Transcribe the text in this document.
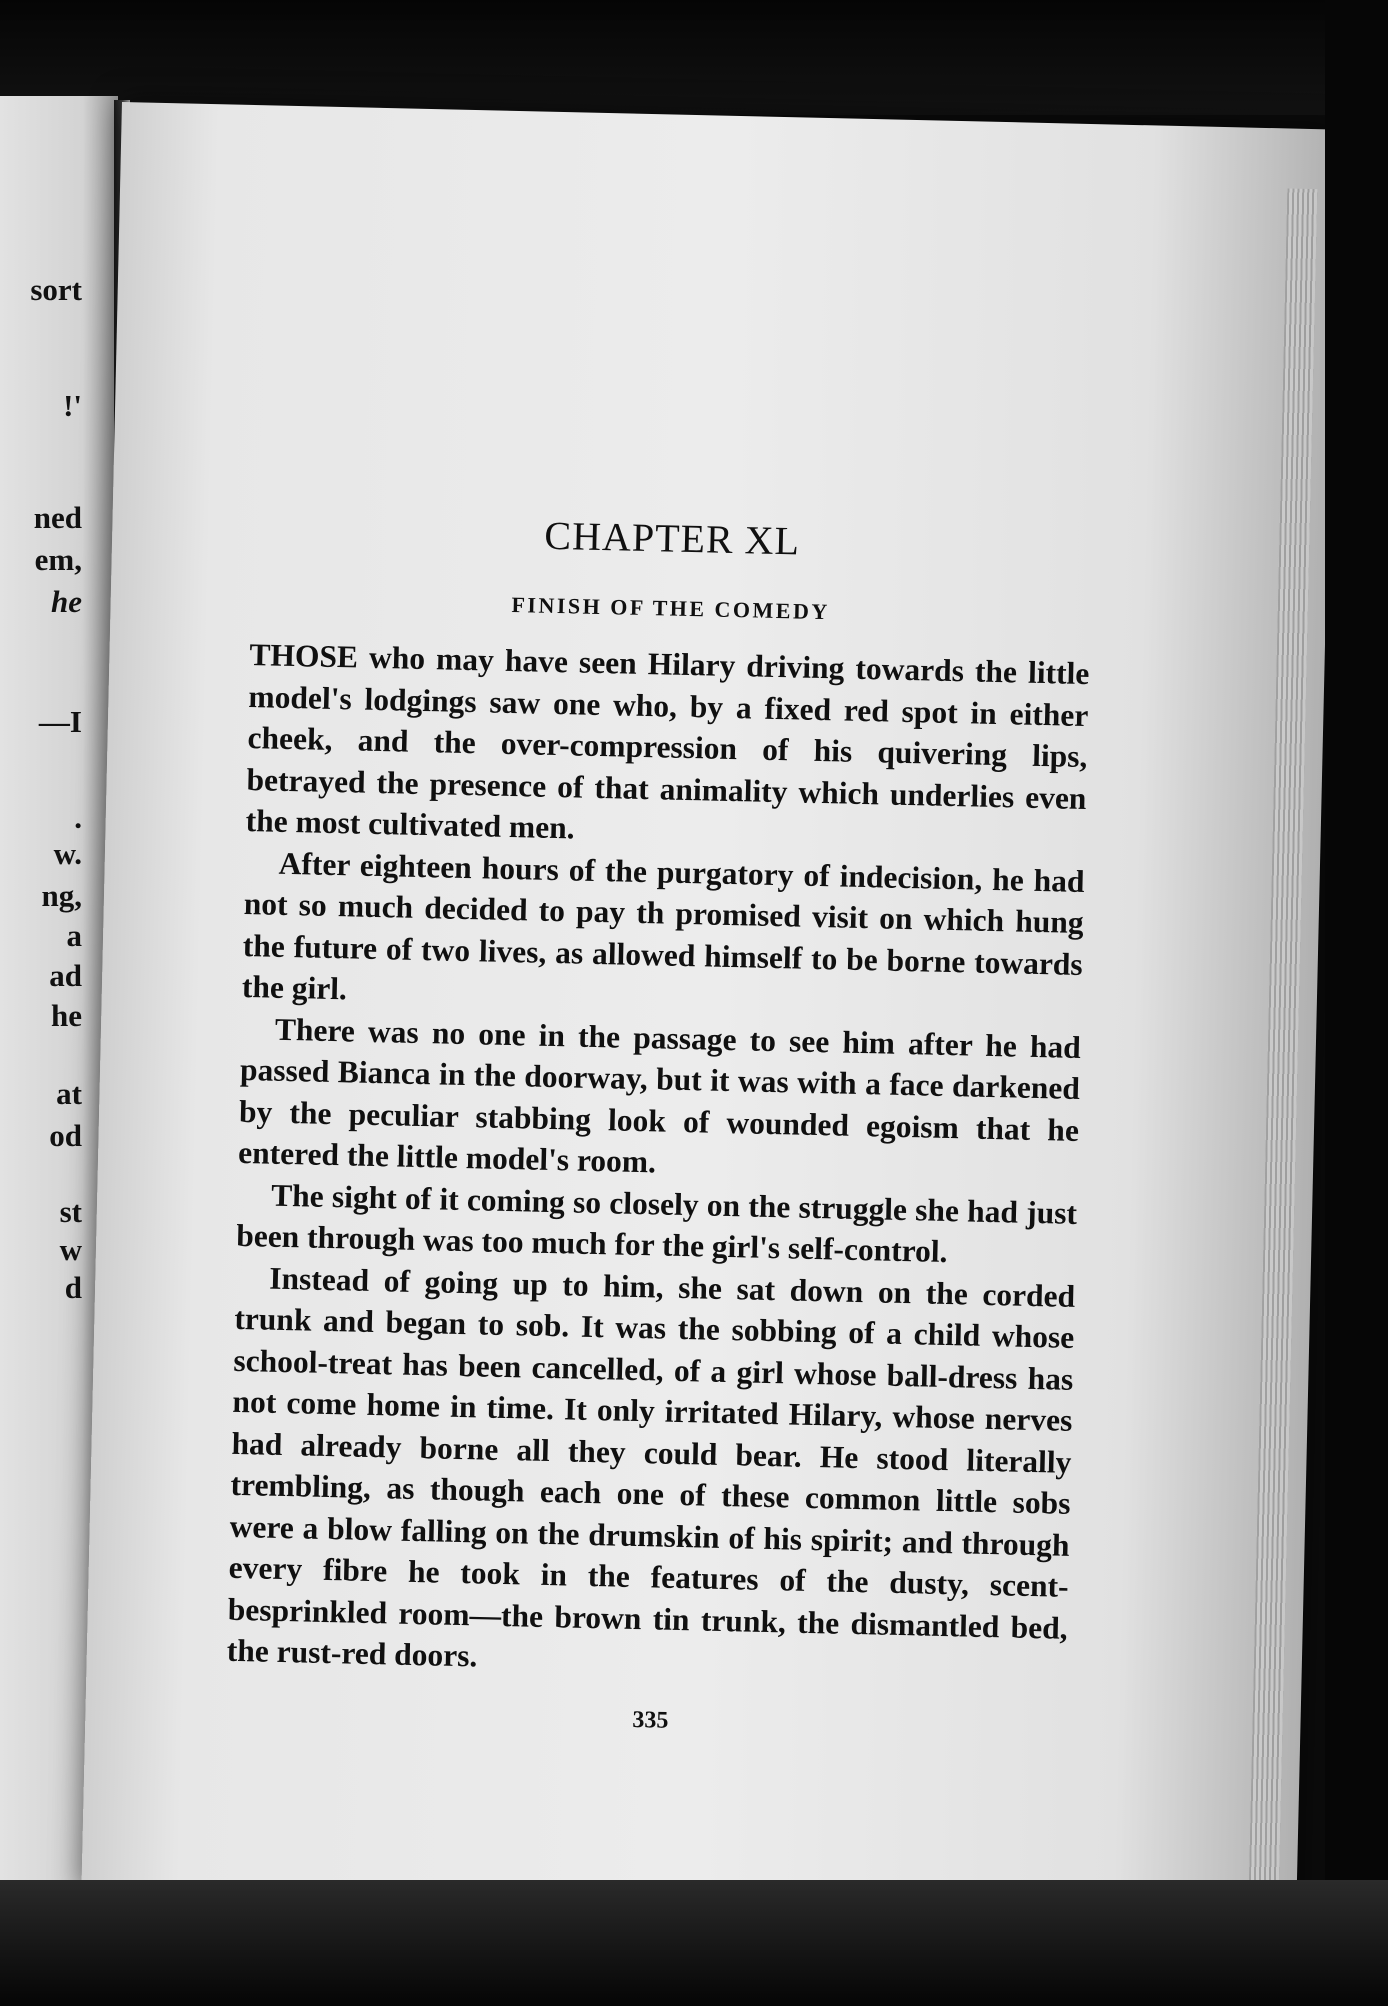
sort
!'
ned
em,
he
—I
.
w.
ng,
a
ad
he
at
od
st
w
d
CHAPTER XL
FINISH OF THE COMEDY

THOSE who may have seen Hilary driving towards the little model's lodgings saw one who, by a fixed red spot in either cheek, and the over-compression of his quivering lips, betrayed the presence of that animality which underlies even the most cultivated men.

After eighteen hours of the purgatory of indecision, he had not so much decided to pay th promised visit on which hung the future of two lives, as allowed himself to be borne towards the girl.

There was no one in the passage to see him after he had passed Bianca in the doorway, but it was with a face darkened by the peculiar stabbing look of wounded egoism that he entered the little model's room.

The sight of it coming so closely on the struggle she had just been through was too much for the girl's self-control.

Instead of going up to him, she sat down on the corded trunk and began to sob. It was the sobbing of a child whose school-treat has been cancelled, of a girl whose ball-dress has not come home in time. It only irritated Hilary, whose nerves had already borne all they could bear. He stood literally trembling, as though each one of these common little sobs were a blow falling on the drumskin of his spirit; and through every fibre he took in the features of the dusty, scent-besprinkled room—the brown tin trunk, the dismantled bed, the rust-red doors.

335
